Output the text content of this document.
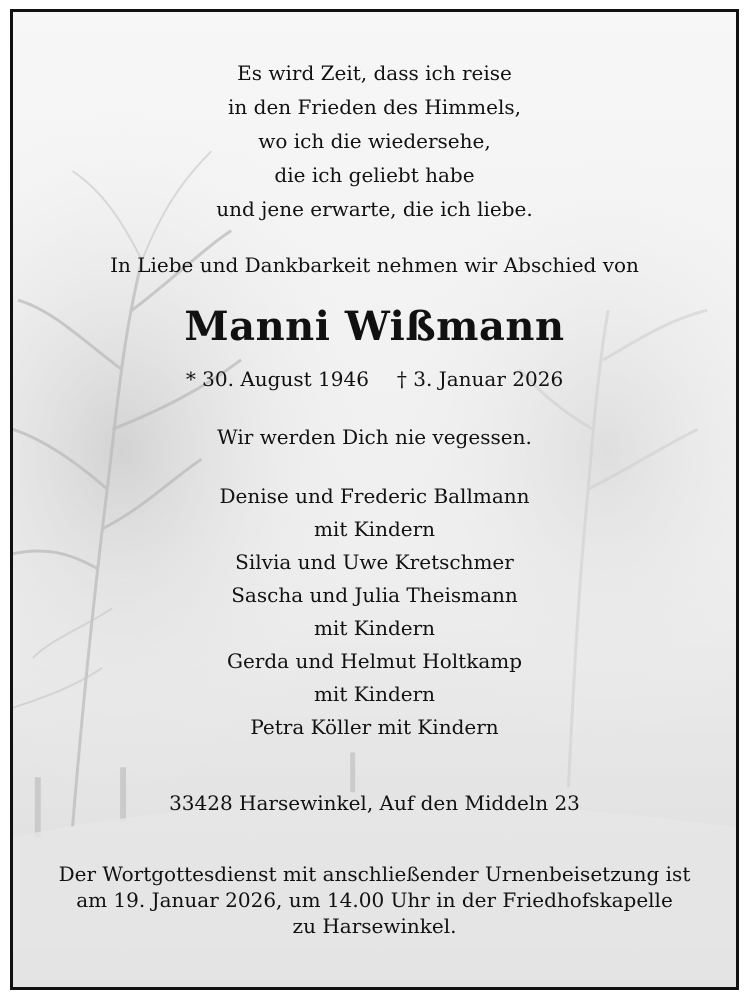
Es wird Zeit, dass ich reise
in den Frieden des Himmels,
wo ich die wiedersehe,
die ich geliebt habe
und jene erwarte, die ich liebe.
In Liebe und Dankbarkeit nehmen wir Abschied von
Manni Wißmann
* 30. August 1946 † 3. Januar 2026
Wir werden Dich nie vegessen.
Denise und Frederic Ballmann
mit Kindern
Silvia und Uwe Kretschmer
Sascha und Julia Theismann
mit Kindern
Gerda und Helmut Holtkamp
mit Kindern
Petra Köller mit Kindern
33428 Harsewinkel, Auf den Middeln 23
Der Wortgottesdienst mit anschließender Urnenbeisetzung ist
am 19. Januar 2026, um 14.00 Uhr in der Friedhofskapelle
zu Harsewinkel.
